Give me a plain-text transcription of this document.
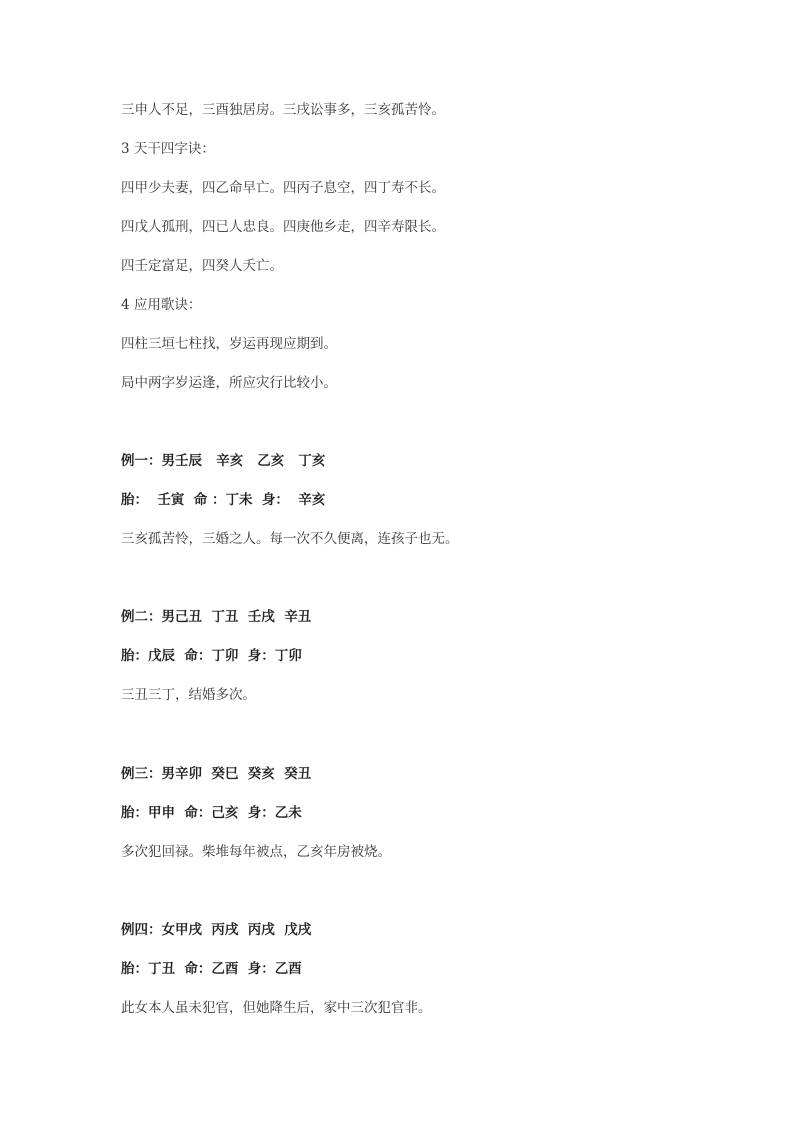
三申人不足，三酉独居房。三戌讼事多，三亥孤苦怜。
3 天干四字诀：
四甲少夫妻，四乙命早亡。四丙子息空，四丁寿不长。
四戊人孤刑，四已人忠良。四庚他乡走，四辛寿限长。
四壬定富足，四癸人夭亡。
4 应用歌诀：
四柱三垣七柱找，岁运再现应期到。
局中两字岁运逢，所应灾行比较小。
例一：男壬辰   辛亥   乙亥   丁亥
胎：  壬寅  命 ：丁未  身：  辛亥
三亥孤苦怜，三婚之人。每一次不久便离，连孩子也无。
例二：男己丑  丁丑  壬戌  辛丑
胎：戊辰  命：丁卯  身：丁卯
三丑三丁，结婚多次。
例三：男辛卯  癸巳  癸亥  癸丑
胎：甲申  命：己亥  身：乙未
多次犯回禄。柴堆每年被点，乙亥年房被烧。
例四：女甲戌  丙戌  丙戌  戊戌
胎：丁丑  命：乙酉  身：乙酉
此女本人虽未犯官，但她降生后，家中三次犯官非。
